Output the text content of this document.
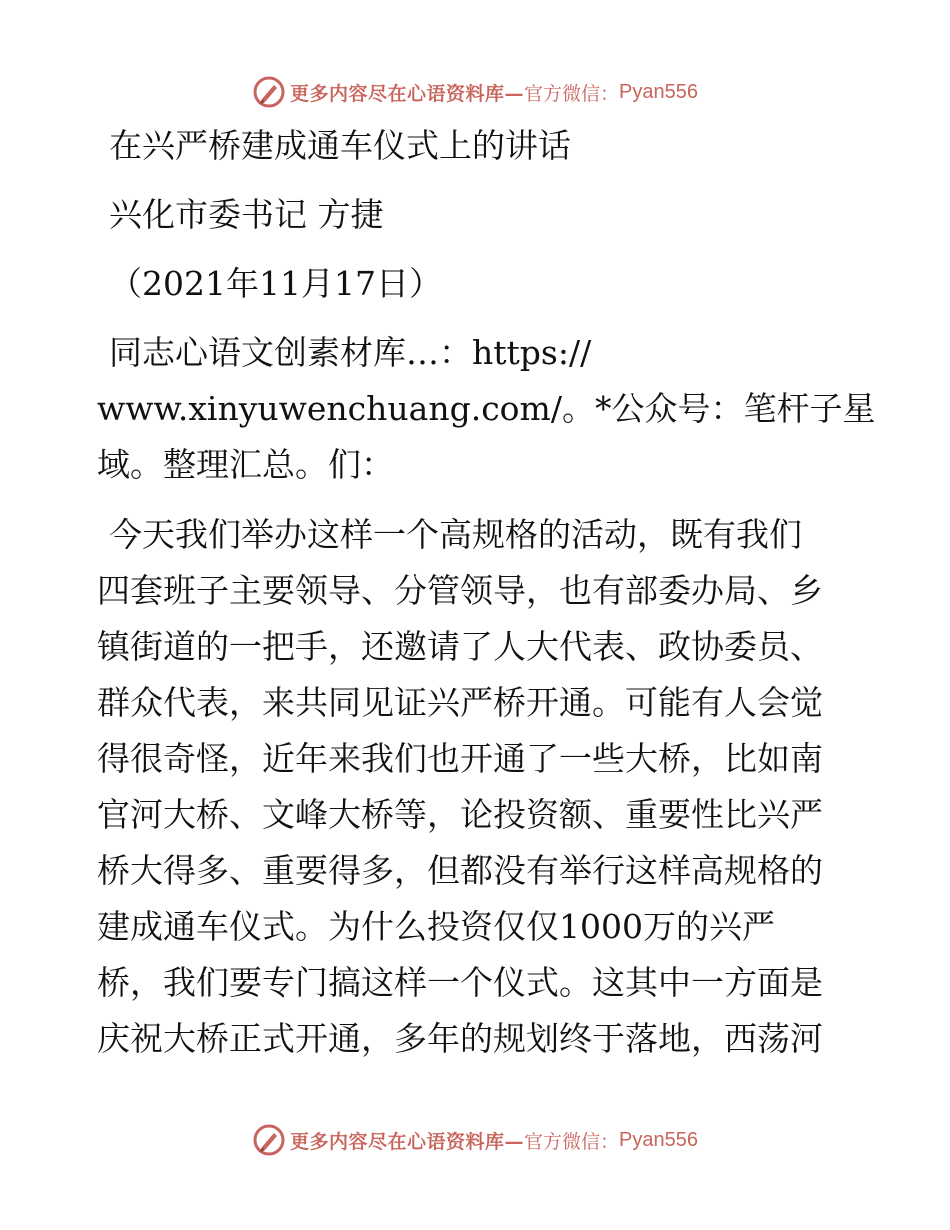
更多内容尽在心语资料库— 官方微信： Pyan556
在兴严桥建成通车仪式上的讲话
兴化市委书记 方捷
（2021年11月17日）
同志心语文创素材库…：https://
www.xinyuwenchuang.com/。*公众号：笔杆子星
域。整理汇总。们：
今天我们举办这样一个高规格的活动，既有我们
四套班子主要领导、分管领导，也有部委办局、乡
镇街道的一把手，还邀请了人大代表、政协委员、
群众代表，来共同见证兴严桥开通。可能有人会觉
得很奇怪，近年来我们也开通了一些大桥，比如南
官河大桥、文峰大桥等，论投资额、重要性比兴严
桥大得多、重要得多，但都没有举行这样高规格的
建成通车仪式。为什么投资仅仅1000万的兴严
桥，我们要专门搞这样一个仪式。这其中一方面是
庆祝大桥正式开通，多年的规划终于落地，西荡河
更多内容尽在心语资料库— 官方微信： Pyan556
